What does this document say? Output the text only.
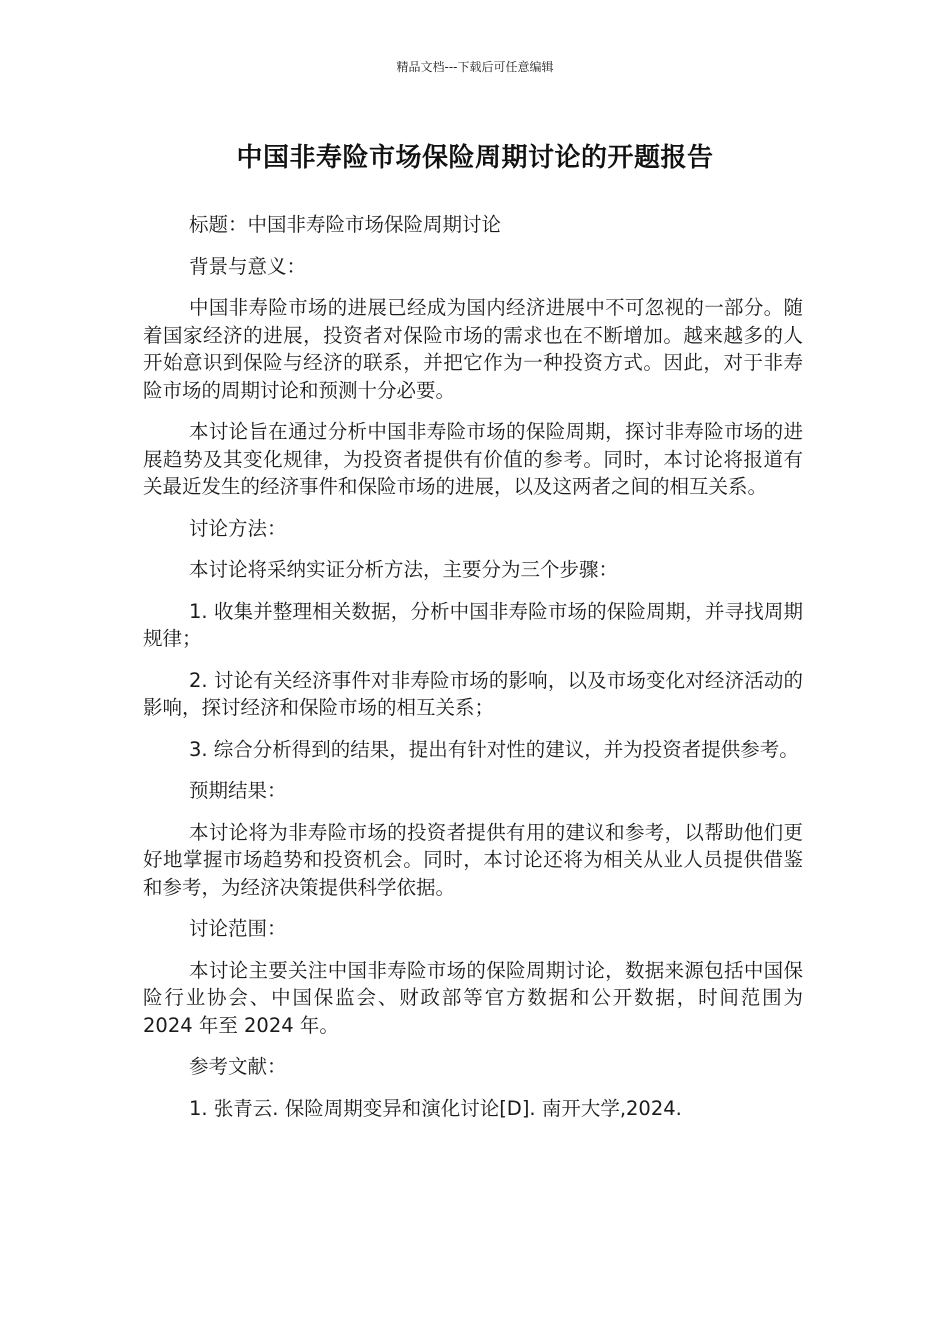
精品文档---下载后可任意编辑
中国非寿险市场保险周期讨论的开题报告

标题：中国非寿险市场保险周期讨论

背景与意义：

中国非寿险市场的进展已经成为国内经济进展中不可忽视的一部分。随着国家经济的进展，投资者对保险市场的需求也在不断增加。越来越多的人开始意识到保险与经济的联系，并把它作为一种投资方式。因此，对于非寿险市场的周期讨论和预测十分必要。

本讨论旨在通过分析中国非寿险市场的保险周期，探讨非寿险市场的进展趋势及其变化规律，为投资者提供有价值的参考。同时，本讨论将报道有关最近发生的经济事件和保险市场的进展，以及这两者之间的相互关系。

讨论方法：

本讨论将采纳实证分析方法，主要分为三个步骤：

1. 收集并整理相关数据，分析中国非寿险市场的保险周期，并寻找周期规律；

2. 讨论有关经济事件对非寿险市场的影响，以及市场变化对经济活动的影响，探讨经济和保险市场的相互关系；

3. 综合分析得到的结果，提出有针对性的建议，并为投资者提供参考。

预期结果：

本讨论将为非寿险市场的投资者提供有用的建议和参考，以帮助他们更好地掌握市场趋势和投资机会。同时，本讨论还将为相关从业人员提供借鉴和参考，为经济决策提供科学依据。

讨论范围：

本讨论主要关注中国非寿险市场的保险周期讨论，数据来源包括中国保险行业协会、中国保监会、财政部等官方数据和公开数据，时间范围为 2024 年至 2024 年。

参考文献：

1. 张青云. 保险周期变异和演化讨论[D]. 南开大学,2024.
